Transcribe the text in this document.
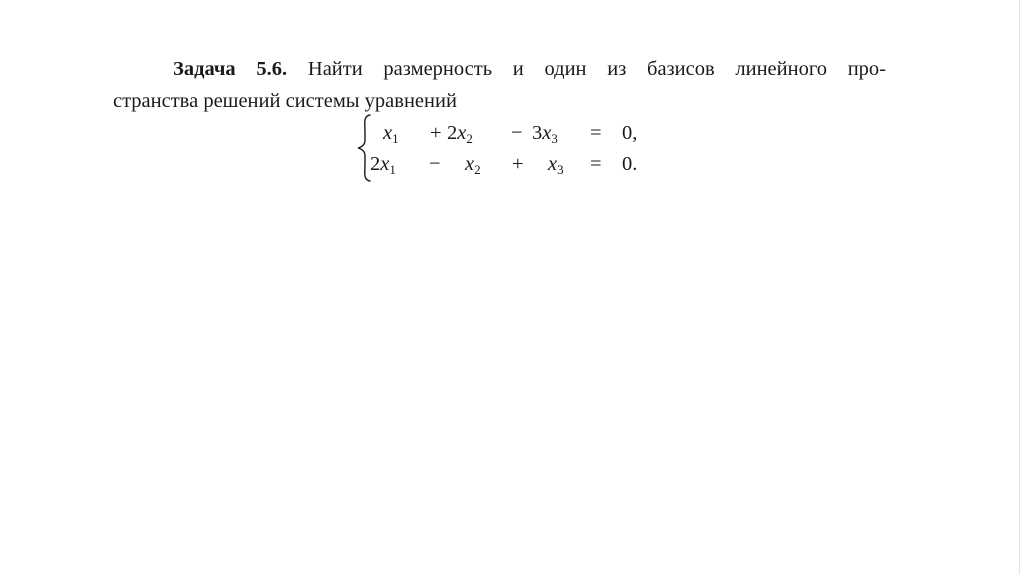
Задача 5.6. Найти размерность и один из базисов линейного про-
странства решений системы уравнений
$x_1 + 2x_2 - 3x_3 = 0$,
$2x_1 - x_2 + x_3 = 0$.
